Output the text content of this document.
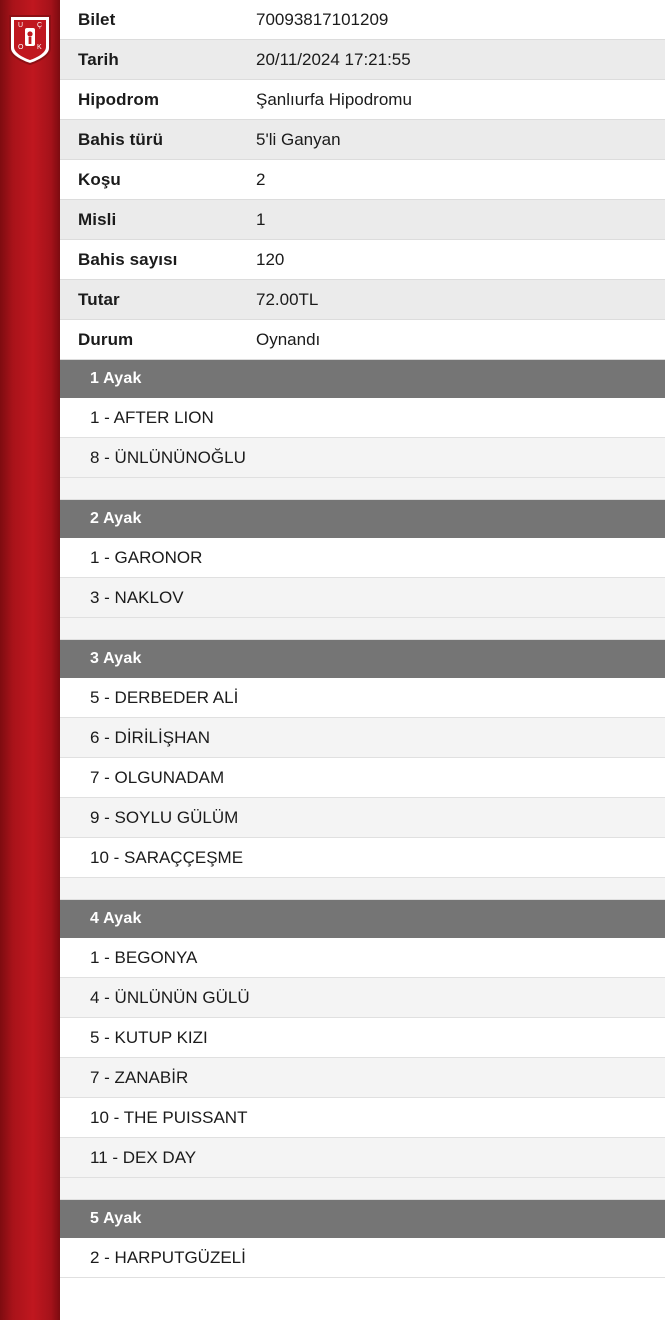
U Ç
O K
Bilet	70093817101209
Tarih	20/11/2024 17:21:55
Hipodrom	Şanlıurfa Hipodromu
Bahis türü	5'li Ganyan
Koşu	2
Misli	1
Bahis sayısı	120
Tutar	72.00TL
Durum	Oynandı
1 Ayak
1 - AFTER LION
8 - ÜNLÜNÜNOĞLU
2 Ayak
1 - GARONOR
3 - NAKLOV
3 Ayak
5 - DERBEDER ALİ
6 - DİRİLİŞHAN
7 - OLGUNADAM
9 - SOYLU GÜLÜM
10 - SARAÇÇEŞME
4 Ayak
1 - BEGONYA
4 - ÜNLÜNÜN GÜLÜ
5 - KUTUP KIZI
7 - ZANABİR
10 - THE PUISSANT
11 - DEX DAY
5 Ayak
2 - HARPUTGÜZELİ
